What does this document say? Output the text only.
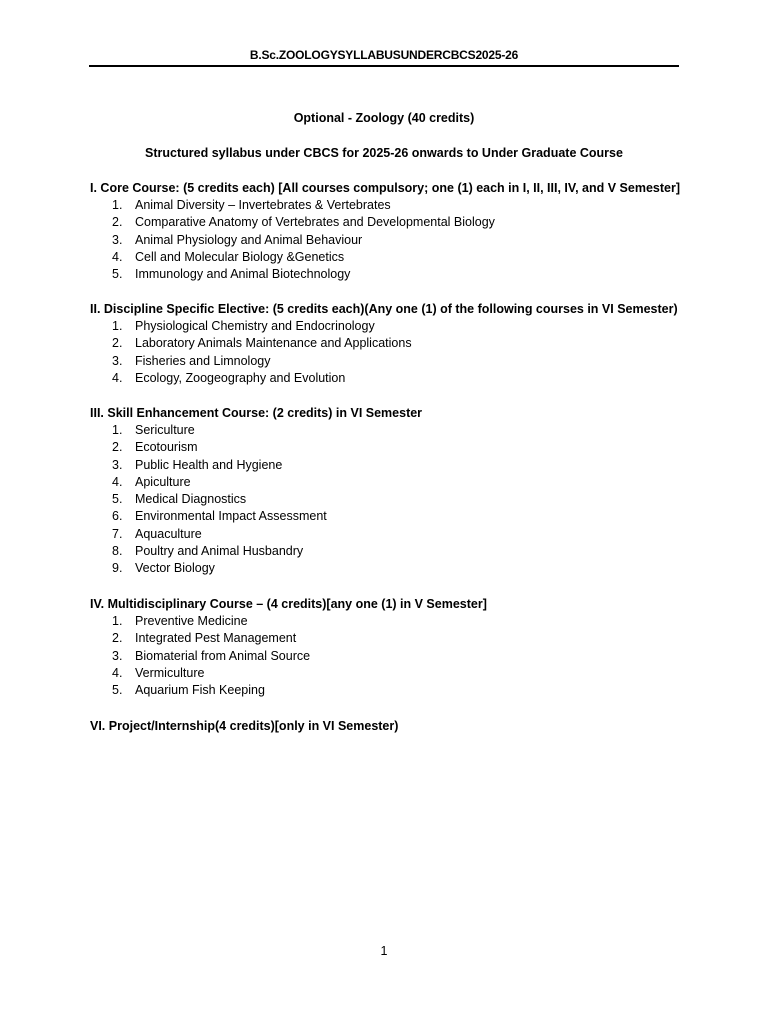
B.Sc.ZOOLOGYSYLLABUSUNDERCBCS2025-26
Optional - Zoology (40 credits)
Structured syllabus under CBCS for 2025-26 onwards to Under Graduate Course
I. Core Course: (5 credits each) [All courses compulsory; one (1) each in I, II, III, IV, and V Semester]
1.	Animal Diversity – Invertebrates & Vertebrates
2.	Comparative Anatomy of Vertebrates and Developmental Biology
3.	Animal Physiology and Animal Behaviour
4.	Cell and Molecular Biology &Genetics
5.	Immunology and Animal Biotechnology
II. Discipline Specific Elective: (5 credits each)(Any one (1) of the following courses in VI Semester)
1.	Physiological Chemistry and Endocrinology
2.	Laboratory Animals Maintenance and Applications
3.	Fisheries and Limnology
4.	Ecology, Zoogeography and Evolution
III. Skill Enhancement Course: (2 credits) in VI Semester
1.	Sericulture
2.	Ecotourism
3.	Public Health and Hygiene
4.	Apiculture
5.	Medical Diagnostics
6.	Environmental Impact Assessment
7.	Aquaculture
8.	Poultry and Animal Husbandry
9.	Vector Biology
IV. Multidisciplinary Course – (4 credits)[any one (1) in V Semester]
1.	Preventive Medicine
2.	Integrated Pest Management
3.	Biomaterial from Animal Source
4.	Vermiculture
5.	Aquarium Fish Keeping
VI. Project/Internship(4 credits)[only in VI Semester)
1
